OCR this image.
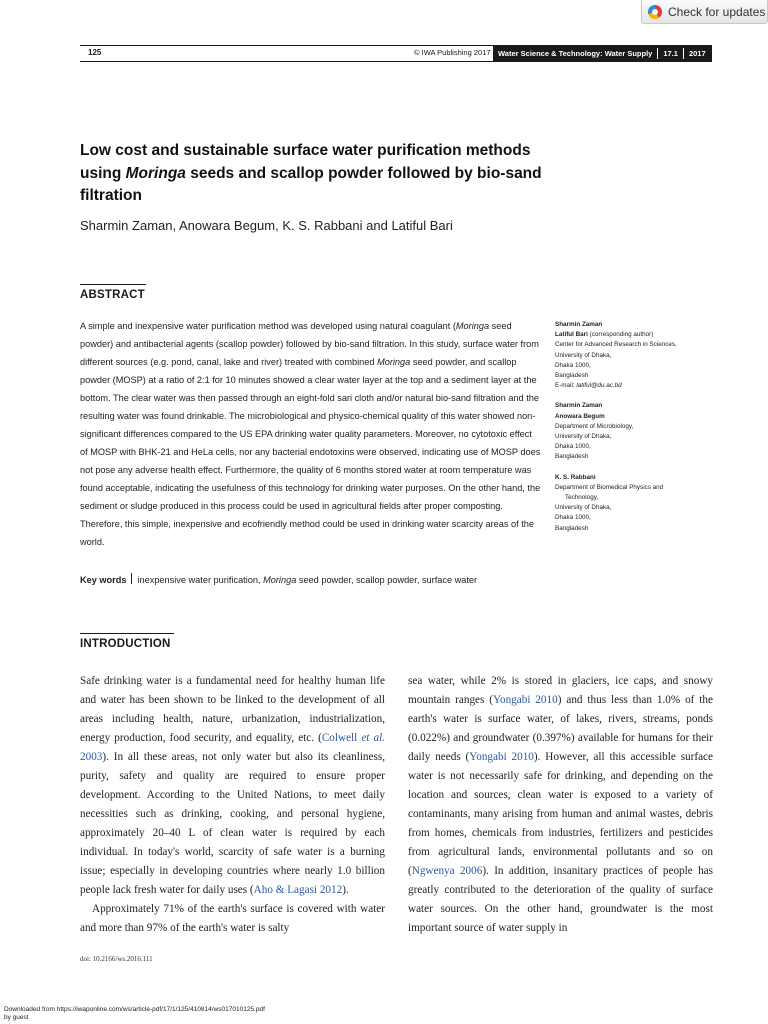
Check for updates
125	© IWA Publishing 2017 Water Science & Technology: Water Supply 17.1 2017
Low cost and sustainable surface water purification methods using Moringa seeds and scallop powder followed by bio-sand filtration
Sharmin Zaman, Anowara Begum, K. S. Rabbani and Latiful Bari
ABSTRACT

A simple and inexpensive water purification method was developed using natural coagulant (Moringa seed powder) and antibacterial agents (scallop powder) followed by bio-sand filtration. In this study, surface water from different sources (e.g. pond, canal, lake and river) treated with combined Moringa seed powder, and scallop powder (MOSP) at a ratio of 2:1 for 10 minutes showed a clear water layer at the top and a sediment layer at the bottom. The clear water was then passed through an eight-fold sari cloth and/or natural bio-sand filtration and the resulting water was found drinkable. The microbiological and physico-chemical quality of this water showed non-significant differences compared to the US EPA drinking water quality parameters. Moreover, no cytotoxic effect of MOSP with BHK-21 and HeLa cells, nor any bacterial endotoxins were observed, indicating use of MOSP does not pose any adverse health effect. Furthermore, the quality of 6 months stored water at room temperature was found acceptable, indicating the usefulness of this technology for drinking water purposes. On the other hand, the sediment or sludge produced in this process could be used in agricultural fields after proper composting. Therefore, this simple, inexpensive and ecofriendly method could be used in drinking water scarcity areas of the world.

Key words inexpensive water purification, Moringa seed powder, scallop powder, surface water
Sharmin Zaman
Latiful Bari (corresponding author)
Center for Advanced Research in Sciences,
University of Dhaka,
Dhaka 1000,
Bangladesh
E-mail: latiful@du.ac.bd
Sharmin Zaman
Anowara Begum
Department of Microbiology,
University of Dhaka,
Dhaka 1000,
Bangladesh
K. S. Rabbani
Department of Biomedical Physics and
Technology,
University of Dhaka,
Dhaka 1000,
Bangladesh
INTRODUCTION

Safe drinking water is a fundamental need for healthy human life and water has been shown to be linked to the development of all areas including health, nature, urbanization, industrialization, energy production, food security, and equality, etc. (Colwell et al. 2003). In all these areas, not only water but also its cleanliness, purity, safety and quality are required to ensure proper development. According to the United Nations, to meet daily necessities such as drinking, cooking, and personal hygiene, approximately 20–40 L of clean water is required by each individual. In today's world, scarcity of safe water is a burning issue; especially in developing countries where nearly 1.0 billion people lack fresh water for daily uses (Aho & Lagasi 2012).

Approximately 71% of the earth's surface is covered with water and more than 97% of the earth's water is salty

sea water, while 2% is stored in glaciers, ice caps, and snowy mountain ranges (Yongabi 2010) and thus less than 1.0% of the earth's water is surface water, of lakes, rivers, streams, ponds (0.022%) and groundwater (0.397%) available for humans for their daily needs (Yongabi 2010). However, all this accessible surface water is not necessarily safe for drinking, and depending on the location and sources, clean water is exposed to a variety of contaminants, many arising from human and animal wastes, debris from homes, chemicals from industries, fertilizers and pesticides from agricultural lands, environmental pollutants and so on (Ngwenya 2006). In addition, insanitary practices of people has greatly contributed to the deterioration of the quality of surface water sources. On the other hand, groundwater is the most important source of water supply in

doi: 10.2166/ws.2016.111
Downloaded from https://iwaponline.com/ws/article-pdf/17/1/125/410814/ws017010125.pdf
by guest
